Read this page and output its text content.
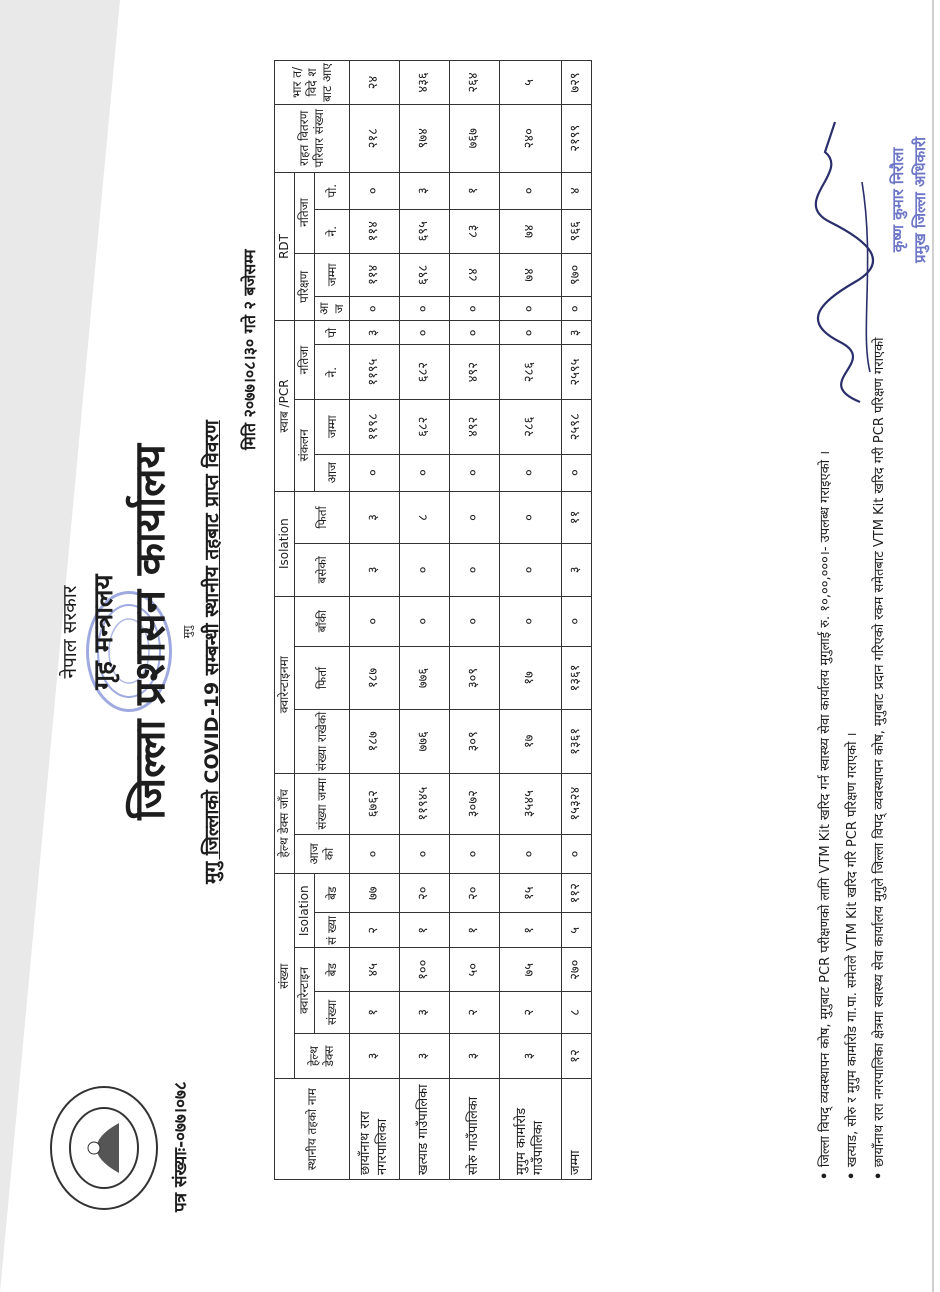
पत्र संख्याः-०७७।०७८
नेपाल सरकार गृह मन्त्रालय जिल्ला प्रशासन कार्यालय मुगु मुगु जिल्लाको COVID-19 सम्बन्धी स्थानीय तहबाट प्राप्त विवरण
मिति २०७७।०८।३० गते २ बजेसम्म
स्थानीय तहको नाम	संख्या					हेल्थ डेक्स जाँच		क्वारेन्टाइनमा			Isolation		स्वाब /PCR				RDT				राहत वितरण परिवार संख्या	भार त/ विदे श बाट आए
	हेल्थ डेक्स	क्वारेन्टाइन		Isolation		आज को	संख्या जम्मा	संख्या राखेको	फिर्ता	बाँकी	बसेको	फिर्ता	संकलन		नतिजा		परिक्षण		नतिजा			
		संख्या	बेड	सं ख्या	बेड														ने.	पो.		
													आज	जम्मा	ने.	पो	आ ज	जम्मा				
छायाँनाथ रारा नगरपालिका	३	१	४५	२	७७	०	६७६२	१८७	१८७	०	३	३	०	११९८	११९५	३	०	११४	११४	०	२१८	२४
खत्याड गाउँपालिका	३	३	१००	१	२०	०	११९४५	७७६	७७६	०	०	८	०	६८२	६८२	०	०	६९८	६९५	३	९७४	४३६
सोरु गाउँपालिका	३	२	५०	१	२०	०	३०७२	३०९	३०९	०	०	०	०	४९२	४९२	०	०	८४	८३	१	७६७	२६४
मुगुम कार्मारोड गाउँपालिका	३	२	७५	१	१५	०	३५४५	१७	१७	०	०	०	०	२८६	२८६	०	०	७४	७४	०	२४०	५
जम्मा	१२	८	२७०	५	११२	०	१५३२४	१३६१	१३६१	०	३	११	०	२५९८	२५९५	३	०	९७०	९६६	४	२१९९	७२९
• जिल्ला विपद् व्यवस्थापन कोष, मुगुबाट PCR परीक्षणको लागि VTM Kit खरिद गर्न स्वास्थ्य सेवा कार्यालय मुगुलाई रु. १०,००,०००।- उपलब्ध गराइएको । • खत्याड, सोरु र मुगुम कार्मारोड गा.पा. समेतले VTM Kit खरिद गरि PCR परिक्षण गराएको । • छायाँनाथ रारा नगरपालिका क्षेत्रमा स्वास्थ्य सेवा कार्यालय मुगुले जिल्ला विपद् व्यवस्थापन कोष, मुगुबाट प्रदान गरिएको रकम समेतबाट VTM Kit खरिद गरी PCR परिक्षण गराएको
कृष्ण कुमार निरौला प्रमुख जिल्ला अधिकारी
